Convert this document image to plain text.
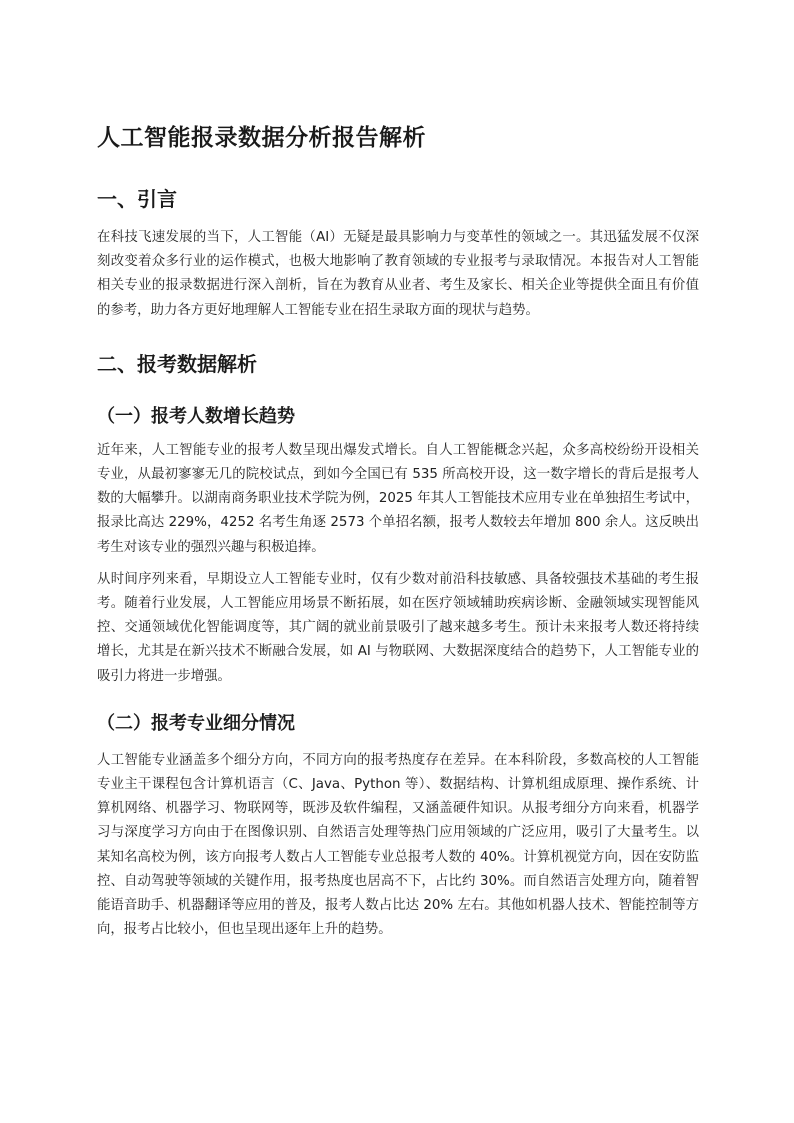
人工智能报录数据分析报告解析
一、引言

在科技飞速发展的当下，人工智能（AI）无疑是最具影响力与变革性的领域之一。其迅猛发展不仅深刻改变着众多行业的运作模式，也极大地影响了教育领域的专业报考与录取情况。本报告对人工智能相关专业的报录数据进行深入剖析，旨在为教育从业者、考生及家长、相关企业等提供全面且有价值的参考，助力各方更好地理解人工智能专业在招生录取方面的现状与趋势。

二、报考数据解析
（一）报考人数增长趋势

近年来，人工智能专业的报考人数呈现出爆发式增长。自人工智能概念兴起，众多高校纷纷开设相关专业，从最初寥寥无几的院校试点，到如今全国已有 535 所高校开设，这一数字增长的背后是报考人数的大幅攀升。以湖南商务职业技术学院为例，2025 年其人工智能技术应用专业在单独招生考试中，报录比高达 229%，4252 名考生角逐 2573 个单招名额，报考人数较去年增加 800 余人。这反映出考生对该专业的强烈兴趣与积极追捧。

从时间序列来看，早期设立人工智能专业时，仅有少数对前沿科技敏感、具备较强技术基础的考生报考。随着行业发展，人工智能应用场景不断拓展，如在医疗领域辅助疾病诊断、金融领域实现智能风控、交通领域优化智能调度等，其广阔的就业前景吸引了越来越多考生。预计未来报考人数还将持续增长，尤其是在新兴技术不断融合发展，如 AI 与物联网、大数据深度结合的趋势下，人工智能专业的吸引力将进一步增强。

（二）报考专业细分情况

人工智能专业涵盖多个细分方向，不同方向的报考热度存在差异。在本科阶段，多数高校的人工智能专业主干课程包含计算机语言（C、Java、Python 等）、数据结构、计算机组成原理、操作系统、计算机网络、机器学习、物联网等，既涉及软件编程，又涵盖硬件知识。从报考细分方向来看，机器学习与深度学习方向由于在图像识别、自然语言处理等热门应用领域的广泛应用，吸引了大量考生。以某知名高校为例，该方向报考人数占人工智能专业总报考人数的 40%。计算机视觉方向，因在安防监控、自动驾驶等领域的关键作用，报考热度也居高不下，占比约 30%。而自然语言处理方向，随着智能语音助手、机器翻译等应用的普及，报考人数占比达 20% 左右。其他如机器人技术、智能控制等方向，报考占比较小，但也呈现出逐年上升的趋势。
